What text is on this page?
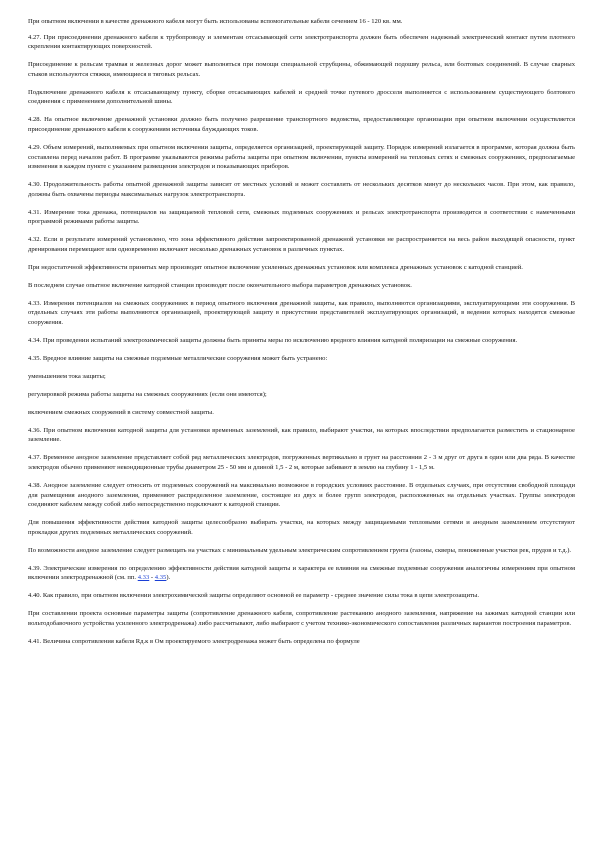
При опытном включении в качестве дренажного кабеля могут быть использованы вспомогательные кабели сечением 16 - 120 кв. мм.

4.27. При присоединении дренажного кабеля к трубопроводу и элементам отсасывающей сети электротранспорта должен быть обеспечен надежный электрический контакт путем плотного скрепления контактирующих поверхностей.

Присоединение к рельсам трамвая и железных дорог может выполняться при помощи специальной струбцины, обжимающей подошву рельса, или болтовых соединений. В случае сварных стыков используются стяжки, имеющиеся в тяговых рельсах.

Подключение дренажного кабеля к отсасывающему пункту, сборке отсасывающих кабелей и средней точке путевого дросселя выполняется с использованием существующего болтового соединения с применением дополнительной шины.

4.28. На опытное включение дренажной установки должно быть получено разрешение транспортного ведомства, предоставляющее организации при опытном включении осуществляется присоединение дренажного кабеля к сооружениям источника блуждающих токов.

4.29. Объем измерений, выполняемых при опытном включении защиты, определяется организацией, проектирующей защиту. Порядок измерений излагается в программе, которая должна быть составлена перед началом работ. В программе указываются режимы работы защиты при опытном включении, пункты измерений на тепловых сетях и смежных сооружениях, предполагаемые изменения в каждом пункте с указанием размещения электродов и показывающих приборов.

4.30. Продолжительность работы опытной дренажной защиты зависит от местных условий и может составлять от нескольких десятков минут до нескольких часов. При этом, как правило, должны быть охвачены периоды максимальных нагрузок электротранспорта.

4.31. Измерение тока дренажа, потенциалов на защищаемой тепловой сети, смежных подземных сооружениях и рельсах электротранспорта производится в соответствии с намеченными программой режимами работы защиты.

4.32. Если в результате измерений установлено, что зона эффективного действия запроектированной дренажной установки не распространяется на весь район выходящей опасности, пункт дренирования перемещают или одновременно включают несколько дренажных установок в различных пунктах.

При недостаточной эффективности принятых мер производят опытное включение усиленных дренажных установок или комплекса дренажных установок с катодной станцией.

В последнем случае опытное включение катодной станции производят после окончательного выбора параметров дренажных установок.

4.33. Измерения потенциалов на смежных сооружениях в период опытного включения дренажной защиты, как правило, выполняются организациями, эксплуатирующими эти сооружения. В отдельных случаях эти работы выполняются организацией, проектирующей защиту в присутствии представителей эксплуатирующих организаций, в ведении которых находятся смежные сооружения.

4.34. При проведении испытаний электрохимической защиты должны быть приняты меры по исключению вредного влияния катодной поляризации на смежные сооружения.

4.35. Вредное влияние защиты на смежные подземные металлические сооружения может быть устранено:

уменьшением тока защиты;

регулировкой режима работы защиты на смежных сооружениях (если они имеются);

включением смежных сооружений в систему совместной защиты.

4.36. При опытном включении катодной защиты для установки временных заземлений, как правило, выбирают участки, на которых впоследствии предполагается разместить и стационарное заземление.

4.37. Временное анодное заземление представляет собой ряд металлических электродов, погруженных вертикально в грунт на расстоянии 2 - 3 м друг от друга в один или два ряда. В качестве электродов обычно применяют некондиционные трубы диаметром 25 - 50 мм и длиной 1,5 - 2 м, которые забивают в землю на глубину 1 - 1,5 м.

4.38. Анодное заземление следует относить от подземных сооружений на максимально возможное в городских условиях расстояние. В отдельных случаях, при отсутствии свободной площади для размещения анодного заземления, применяют распределенное заземление, состоящее из двух и более групп электродов, расположенных на отдельных участках. Группы электродов соединяют кабелем между собой либо непосредственно подключают к катодной станции.

Для повышения эффективности действия катодной защиты целесообразно выбирать участки, на которых между защищаемыми тепловыми сетями и анодным заземлением отсутствуют прокладки других подземных металлических сооружений.

По возможности анодное заземление следует размещать на участках с минимальным удельным электрическим сопротивлением грунта (газоны, скверы, пониженные участки рек, прудов и т.д.).

4.39. Электрические измерения по определению эффективности действия катодной защиты и характера ее влияния на смежные подземные сооружения аналогичны измерениям при опытном включении электродренажной (см. пп. 4.33 - 4.35).

4.40. Как правило, при опытном включении электрохимической защиты определяют основной ее параметр - среднее значение силы тока в цепи электрозащиты.

При составлении проекта основные параметры защиты (сопротивление дренажного кабеля, сопротивление растеканию анодного заземления, напряжение на зажимах катодной станции или вольтодобавочного устройства усиленного электродренажа) либо рассчитывают, либо выбирают с учетом технико-экономического сопоставления различных вариантов построения параметров.

4.41. Величина сопротивления кабеля Rд.к в Ом проектируемого электродренажа может быть определена по формуле
